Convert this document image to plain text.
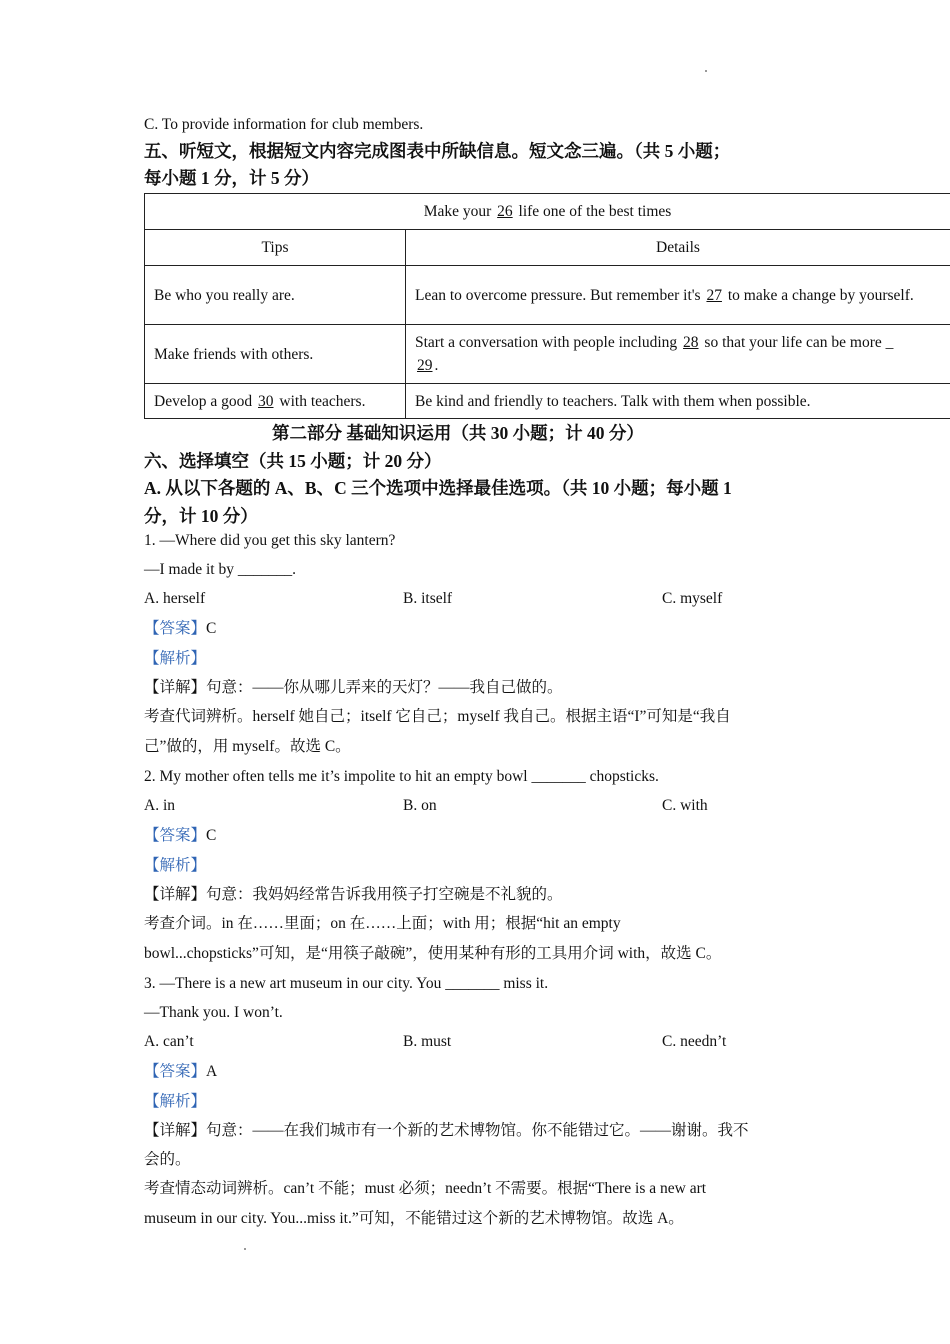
C. To provide information for club members.
五、听短文，根据短文内容完成图表中所缺信息。短文念三遍。（共 5 小题；
每小题 1 分，计 5 分）
Make your 26 life one of the best times	
Tips	Details
Be who you really are.	Lean to overcome pressure. But remember it's 27 to make a change by yourself.
Make friends with others.	Start a conversation with people including 28 so that your life can be more _
29 .
Develop a good 30 with teachers.	Be kind and friendly to teachers. Talk with them when possible.
第二部分 基础知识运用（共 30 小题；计 40 分）
六、选择填空（共 15 小题；计 20 分）
A. 从以下各题的 A、B、C 三个选项中选择最佳选项。（共 10 小题；每小题 1
分，计 10 分）
1. —Where did you get this sky lantern?
—I made it by _______.
A. herself	B. itself	C. myself
【答案】C
【解析】
【详解】句意：——你从哪儿弄来的天灯？——我自己做的。
考查代词辨析。herself 她自己；itself 它自己；myself 我自己。根据主语“I”可知是“我自
己”做的，用 myself。故选 C。
2. My mother often tells me it’s impolite to hit an empty bowl _______ chopsticks.
A. in	B. on	C. with
【答案】C
【解析】
【详解】句意：我妈妈经常告诉我用筷子打空碗是不礼貌的。
考查介词。in 在……里面；on 在……上面；with 用；根据“hit an empty
bowl...chopsticks”可知，是“用筷子敲碗”，使用某种有形的工具用介词 with，故选 C。
3. —There is a new art museum in our city. You _______ miss it.
—Thank you. I won’t.
A. can’t	B. must	C. needn’t
【答案】A
【解析】
【详解】句意：——在我们城市有一个新的艺术博物馆。你不能错过它。——谢谢。我不
会的。
考查情态动词辨析。can’t 不能；must 必须；needn’t 不需要。根据“There is a new art
museum in our city. You...miss it.”可知，不能错过这个新的艺术博物馆。故选 A。
